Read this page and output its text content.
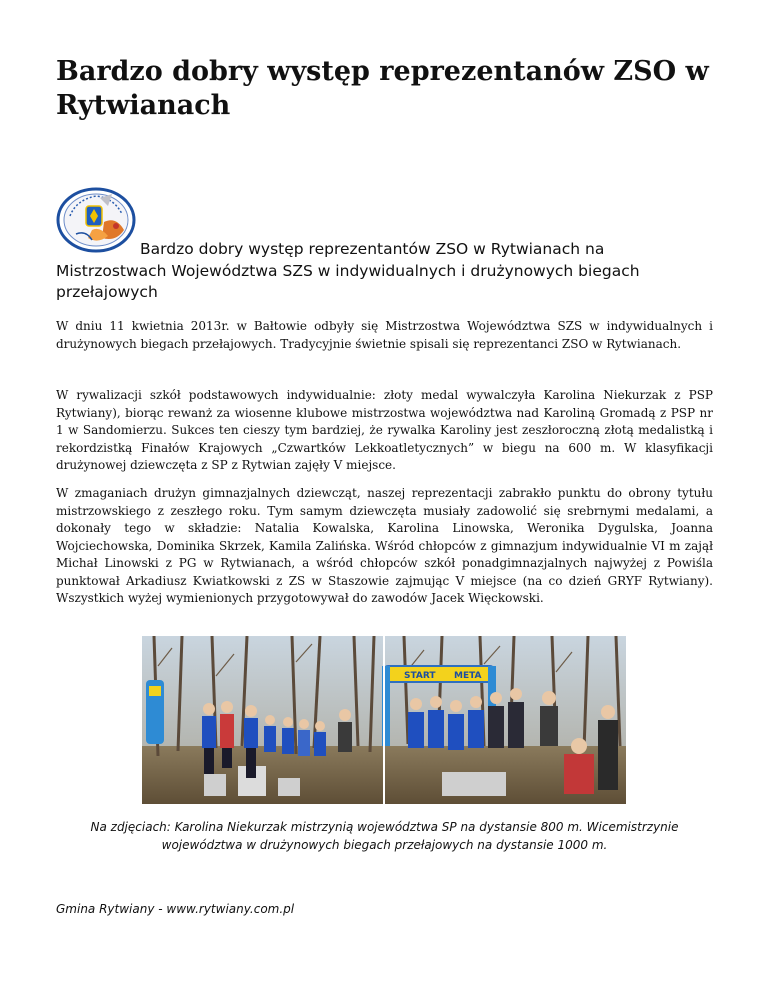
Bardzo dobry występ reprezentanów ZSO w Rytwianach
Bardzo dobry występ reprezentantów ZSO w Rytwianach na Mistrzostwach Województwa SZS w indywidualnych i drużynowych biegach przełajowych

W dniu 11 kwietnia 2013r. w Bałtowie odbyły się Mistrzostwa Województwa SZS w indywidualnych i drużynowych biegach przełajowych. Tradycyjnie świetnie spisali się reprezentanci ZSO w Rytwianach.

W rywalizacji szkół podstawowych indywidualnie: złoty medal wywalczyła Karolina Niekurzak z PSP Rytwiany), biorąc rewanż za wiosenne klubowe mistrzostwa województwa nad Karoliną Gromadą z PSP nr 1 w Sandomierzu. Sukces ten cieszy tym bardziej, że rywalka Karoliny jest zeszłoroczną złotą medalistką i rekordzistką Finałów Krajowych „Czwartków Lekkoatletycznych” w biegu na 600 m. W klasyfikacji drużynowej dziewczęta z SP z Rytwian zajęły V miejsce.

W zmaganiach drużyn gimnazjalnych dziewcząt, naszej reprezentacji zabrakło punktu do obrony tytułu mistrzowskiego z zeszłego roku. Tym samym dziewczęta musiały zadowolić się srebrnymi medalami, a dokonały tego w składzie: Natalia Kowalska, Karolina Linowska, Weronika Dygulska, Joanna Wojciechowska, Dominika Skrzek, Kamila Zalińska. Wśród chłopców z gimnazjum indywidualnie VI m zajął Michał Linowski z PG w Rytwianach, a wśród chłopców szkół ponadgimnazjalnych najwyżej z Powiśla punktował Arkadiusz Kwiatkowski z ZS w Staszowie zajmując V miejsce (na co dzień GRYF Rytwiany). Wszystkich wyżej wymienionych przygotowywał do zawodów Jacek Więckowski.

START META
Na zdjęciach: Karolina Niekurzak mistrzynią województwa SP na dystansie 800 m. Wicemistrzynie województwa w drużynowych biegach przełajowych na dystansie 1000 m.
Gmina Rytwiany - www.rytwiany.com.pl
